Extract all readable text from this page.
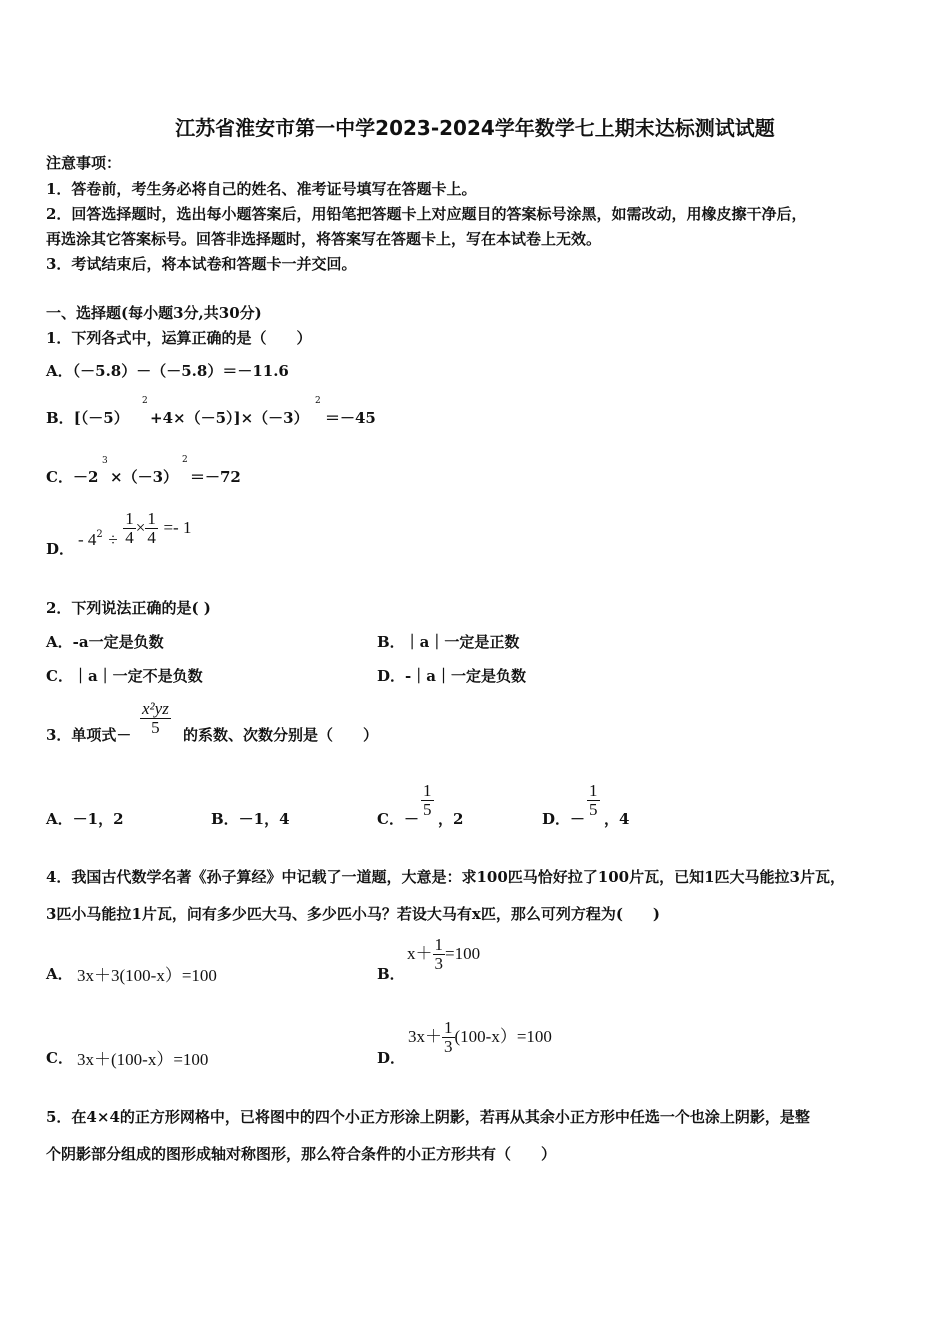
江苏省淮安市第一中学2023-2024学年数学七上期末达标测试试题
注意事项：
1．答卷前，考生务必将自己的姓名、准考证号填写在答题卡上。
2．回答选择题时，选出每小题答案后，用铅笔把答题卡上对应题目的答案标号涂黑，如需改动，用橡皮擦干净后，
再选涂其它答案标号。回答非选择题时，将答案写在答题卡上，写在本试卷上无效。
3．考试结束后，将本试卷和答题卡一并交回。
一、选择题(每小题3分,共30分)
1．下列各式中，运算正确的是（　　）
A．（－5.8）－（－5.8）＝－11.6
B．[（－5）
2
+4×（－5）]×（－3）
2
＝－45
C．－2
3
×（－3）
2
＝－72
D．
- $4_2 \div \frac{1}{4} \times \frac{1}{4} =- 1$
2．下列说法正确的是( )
A．-a一定是负数	B．｜a｜一定是正数
C．｜a｜一定不是负数	D．-｜a｜一定是负数
3．单项式－ $\frac{\text{x²yz}}{5}$ 的系数、次数分别是（　　）
A．－1，2	B．－1，4	C．－
$\frac{1}{5}$
，2	D．－
$\frac{1}{5}$
，4
4．我国古代数学名著《孙子算经》中记载了一道题，大意是：求100匹马恰好拉了100片瓦，已知1匹大马能拉3片瓦，
3匹小马能拉1片瓦，问有多少匹大马、多少匹小马？若设大马有x匹，那么可列方程为(　　)
A． 3x＋3(100-x）=100	B．
$x+ \frac{1}{3} =100$
C． 3x＋(100-x）=100	D．
$3x+ \frac{1}{3} (100-x)=100$
5．在4×4的正方形网格中，已将图中的四个小正方形涂上阴影，若再从其余小正方形中任选一个也涂上阴影，是整
个阴影部分组成的图形成轴对称图形，那么符合条件的小正方形共有（　　）
